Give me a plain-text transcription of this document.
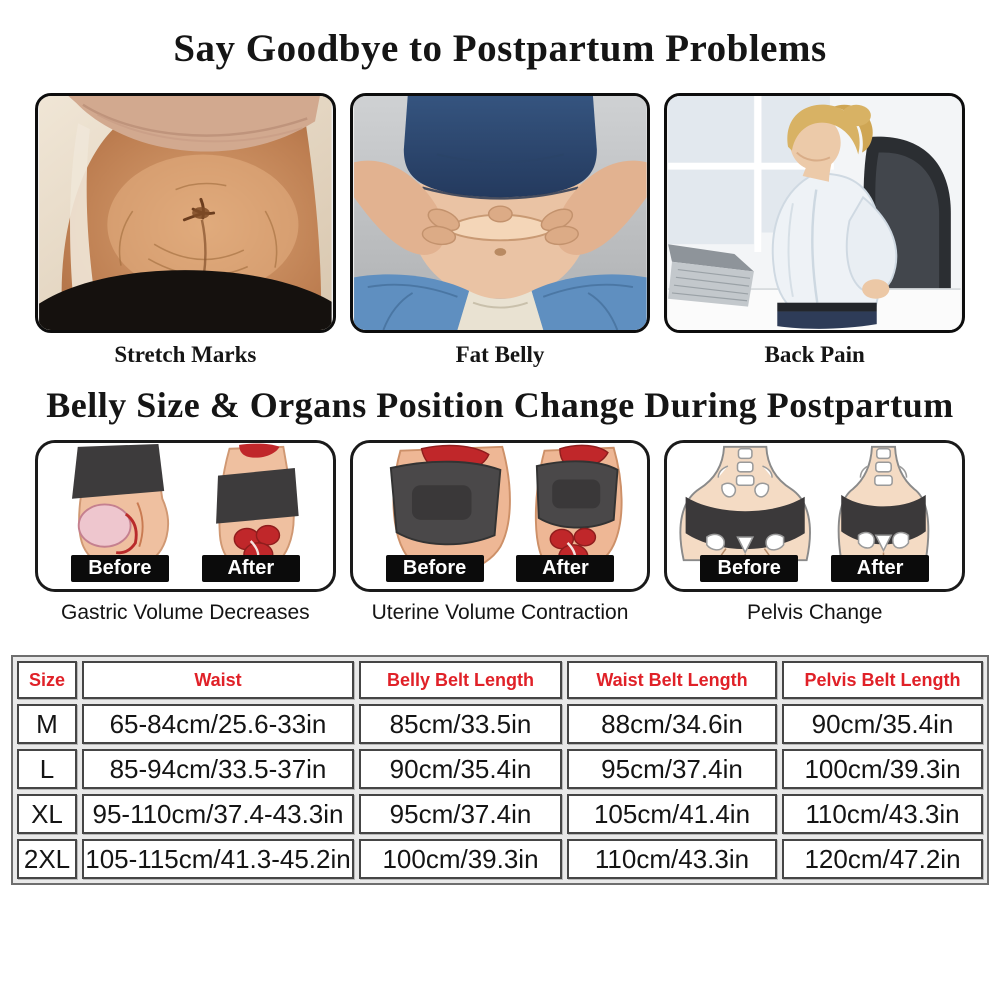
Say Goodbye to Postpartum Problems
Stretch Marks	Fat Belly	Back Pain
Belly Size & Organs Position Change During Postpartum
Before	After
Gastric Volume Decreases
Before	After
Uterine Volume Contraction
Before	After
Pelvis Change
Size	Waist	Belly Belt Length	Waist Belt Length	Pelvis Belt Length
M	65-84cm/25.6-33in	85cm/33.5in	88cm/34.6in	90cm/35.4in
L	85-94cm/33.5-37in	90cm/35.4in	95cm/37.4in	100cm/39.3in
XL	95-110cm/37.4-43.3in	95cm/37.4in	105cm/41.4in	110cm/43.3in
2XL 105-115cm/41.3-45.2in	100cm/39.3in	110cm/43.3in	120cm/47.2in
